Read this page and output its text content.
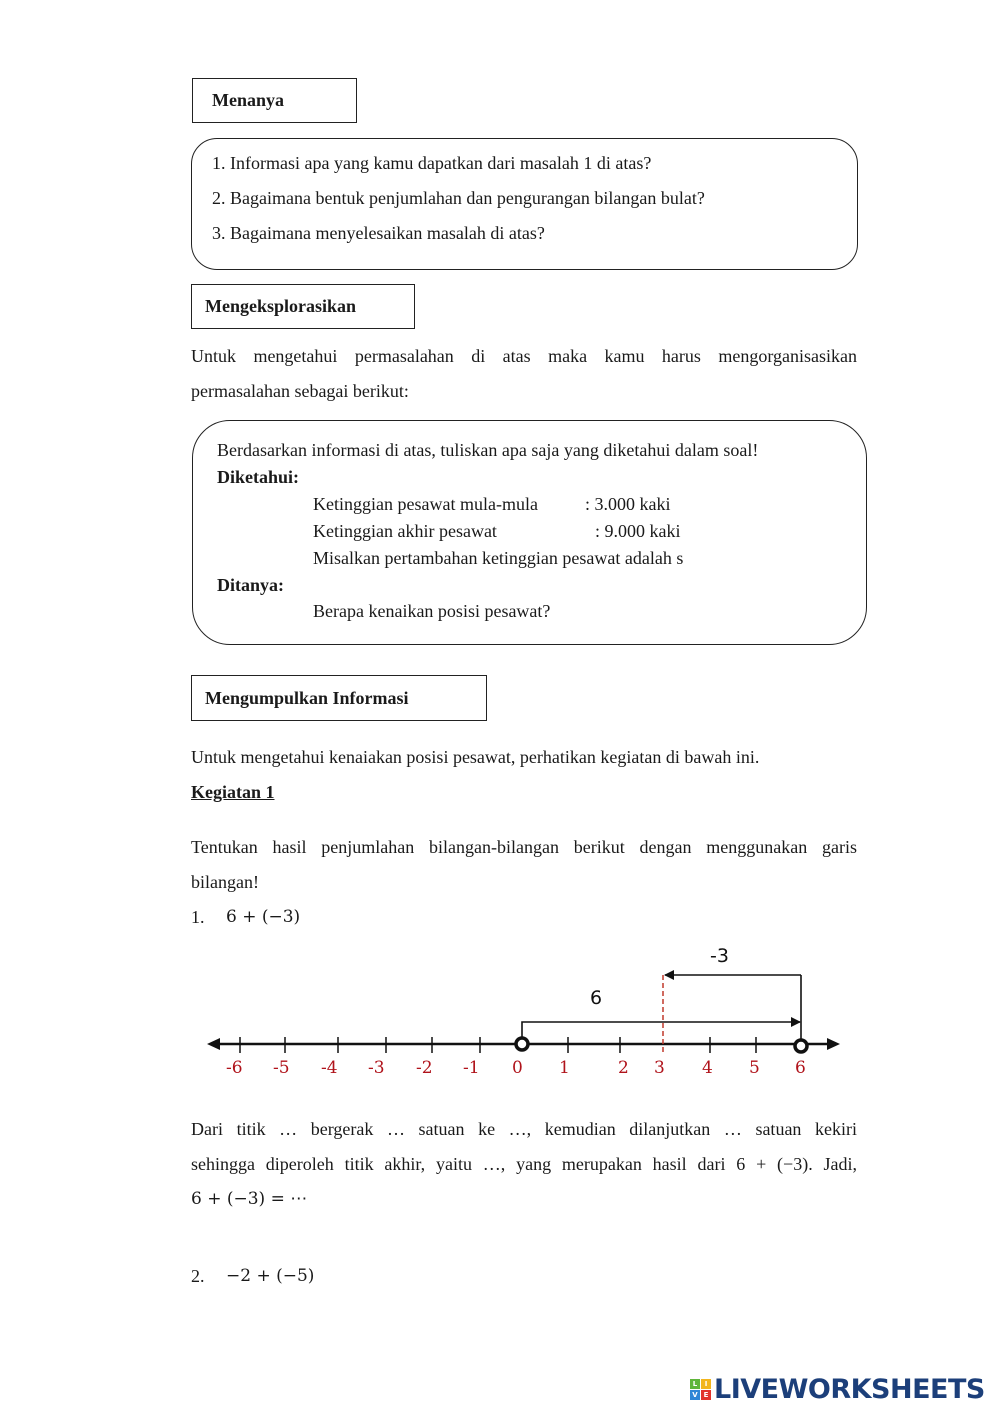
Menanya
1. Informasi apa yang kamu dapatkan dari masalah 1 di atas?
2. Bagaimana bentuk penjumlahan dan pengurangan bilangan bulat?
3. Bagaimana menyelesaikan masalah di atas?
Mengeksplorasikan
Untuk mengetahui permasalahan di atas maka kamu harus mengorganisasikan
permasalahan sebagai berikut:
Berdasarkan informasi di atas, tuliskan apa saja yang diketahui dalam soal!
Diketahui:
Ketinggian pesawat mula-mula	: 3.000 kaki
Ketinggian akhir pesawat	: 9.000 kaki
Misalkan pertambahan ketinggian pesawat adalah s
Ditanya:
Berapa kenaikan posisi pesawat?
Mengumpulkan Informasi
Untuk mengetahui kenaiakan posisi pesawat, perhatikan kegiatan di bawah ini.
Kegiatan 1
Tentukan hasil penjumlahan bilangan-bilangan berikut dengan menggunakan garis
bilangan!
1. 6 + (−3)
-6 -5 -4 -3 -2 -1 0 1	2 3 4 5 6
6
-3
Dari titik … bergerak … satuan ke …, kemudian dilanjutkan … satuan kekiri
sehingga diperoleh titik akhir, yaitu …, yang merupakan hasil dari 6 + (−3). Jadi,
6 + (−3) = ⋯
2. −2 + (−5)
L	I
V E LIVEWORKSHEETS
